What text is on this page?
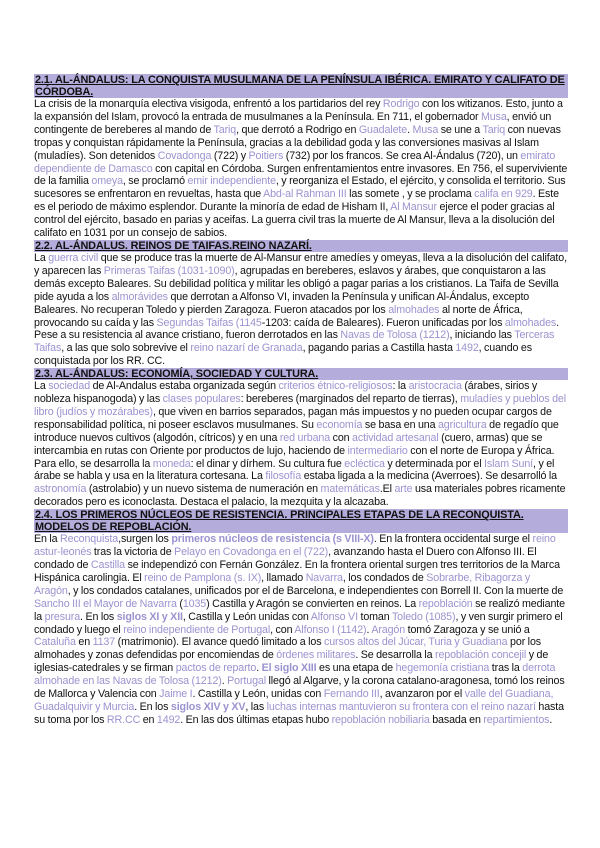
2.1. AL-ÁNDALUS: LA CONQUISTA MUSULMANA DE LA PENÍNSULA IBÉRICA. EMIRATO Y CALIFATO DE CÓRDOBA.

La crisis de la monarquía electiva visigoda, enfrentó a los partidarios del rey Rodrigo con los witizanos. Esto, junto a la expansión del Islam, provocó la entrada de musulmanes a la Península. En 711, el gobernador Musa, envió un contingente de bereberes al mando de Tariq, que derrotó a Rodrigo en Guadalete. Musa se une a Tariq con nuevas tropas y conquistan rápidamente la Península, gracias a la debilidad goda y las conversiones masivas al Islam (muladíes). Son detenidos Covadonga (722) y Poitiers (732) por los francos. Se crea Al-Ándalus (720), un emirato dependiente de Damasco con capital en Córdoba. Surgen enfrentamientos entre invasores. En 756, el superviviente de la familia omeya, se proclamó emir independiente, y reorganiza el Estado, el ejército, y consolida el territorio. Sus sucesores se enfrentaron en revueltas, hasta que Abd-al Rahman III las somete , y se proclama califa en 929. Este es el periodo de máximo esplendor. Durante la minoría de edad de Hisham II, Al Mansur ejerce el poder gracias al control del ejército, basado en parias y aceifas. La guerra civil tras la muerte de Al Mansur, lleva a la disolución del califato en 1031 por un consejo de sabios.

2.2. AL-ÁNDALUS. REINOS DE TAIFAS.REINO NAZARÍ.

La guerra civil que se produce tras la muerte de Al-Mansur entre amedíes y omeyas, lleva a la disolución del califato, y aparecen las Primeras Taifas (1031-1090), agrupadas en bereberes, eslavos y árabes, que conquistaron a las demás excepto Baleares. Su debilidad política y militar les obligó a pagar parias a los cristianos. La Taifa de Sevilla pide ayuda a los almorávides que derrotan a Alfonso VI, invaden la Península y unifican Al-Ándalus, excepto Baleares. No recuperan Toledo y pierden Zaragoza. Fueron atacados por los almohades al norte de África, provocando su caída y las Segundas Taifas (1145-1203: caída de Baleares). Fueron unificadas por los almohades. Pese a su resistencia al avance cristiano, fueron derrotados en las Navas de Tolosa (1212), iniciando las Terceras Taifas, a las que solo sobrevive el reino nazarí de Granada, pagando parias a Castilla hasta 1492, cuando es conquistada por los RR. CC.

2.3. AL-ÁNDALUS: ECONOMÍA, SOCIEDAD Y CULTURA.

La sociedad de Al-Andalus estaba organizada según criterios étnico-religiosos: la aristocracia (árabes, sirios y nobleza hispanogoda) y las clases populares: bereberes (marginados del reparto de tierras), muladíes y pueblos del libro (judíos y mozárabes), que viven en barrios separados, pagan más impuestos y no pueden ocupar cargos de responsabilidad política, ni poseer esclavos musulmanes. Su economía se basa en una agricultura de regadío que introduce nuevos cultivos (algodón, cítricos) y en una red urbana con actividad artesanal (cuero, armas) que se intercambia en rutas con Oriente por productos de lujo, haciendo de intermediario con el norte de Europa y África. Para ello, se desarrolla la moneda: el dinar y dírhem. Su cultura fue ecléctica y determinada por el Islam Suní, y el árabe se habla y usa en la literatura cortesana. La filosofía estaba ligada a la medicina (Averroes). Se desarrolló la astronomía (astrolabio) y un nuevo sistema de numeración en matemáticas.El arte usa materiales pobres ricamente decorados pero es iconoclasta. Destaca el palacio, la mezquita y la alcazaba.

2.4. LOS PRIMEROS NÚCLEOS DE RESISTENCIA. PRINCIPALES ETAPAS DE LA RECONQUISTA. MODELOS DE REPOBLACIÓN.

En la Reconquista,surgen los primeros núcleos de resistencia (s VIII-X). En la frontera occidental surge el reino astur-leonés tras la victoria de Pelayo en Covadonga en el (722), avanzando hasta el Duero con Alfonso III. El condado de Castilla se independizó con Fernán González. En la frontera oriental surgen tres territorios de la Marca Hispánica carolingia. El reino de Pamplona (s. IX), llamado Navarra, los condados de Sobrarbe, Ribagorza y Aragón, y los condados catalanes, unificados por el de Barcelona, e independientes con Borrell II. Con la muerte de Sancho III el Mayor de Navarra (1035) Castilla y Aragón se convierten en reinos. La repoblación se realizó mediante la presura. En los siglos XI y XII, Castilla y León unidas con Alfonso VI toman Toledo (1085), y ven surgir primero el condado y luego el reino independiente de Portugal, con Alfonso I (1142). Aragón tomó Zaragoza y se unió a Cataluña en 1137 (matrimonio). El avance quedó limitado a los cursos altos del Júcar, Turia y Guadiana por los almohades y zonas defendidas por encomiendas de órdenes militares. Se desarrolla la repoblación concejil y de iglesias-catedrales y se firman pactos de reparto. El siglo XIII es una etapa de hegemonía cristiana tras la derrota almohade en las Navas de Tolosa (1212). Portugal llegó al Algarve, y la corona catalano-aragonesa, tomó los reinos de Mallorca y Valencia con Jaime I. Castilla y León, unidas con Fernando III, avanzaron por el valle del Guadiana, Guadalquivir y Murcia. En los siglos XIV y XV, las luchas internas mantuvieron su frontera con el reino nazarí hasta su toma por los RR.CC en 1492. En las dos últimas etapas hubo repoblación nobiliaria basada en repartimientos.
